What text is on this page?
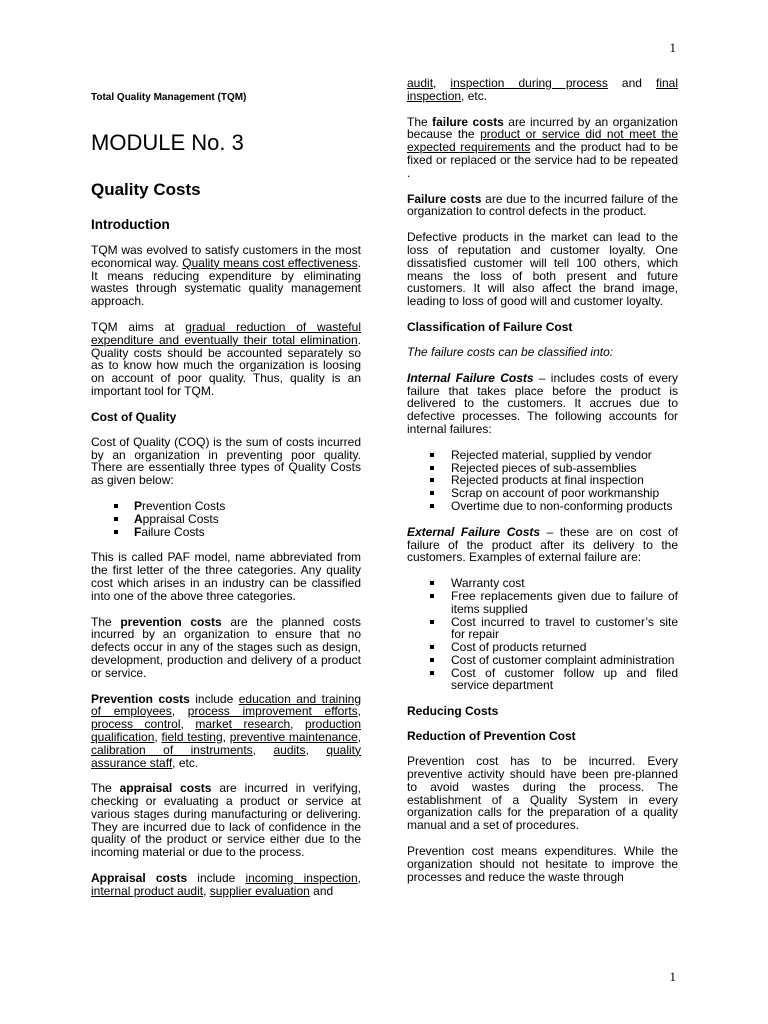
1
Total Quality Management (TQM)
MODULE No. 3
Quality Costs
Introduction

TQM was evolved to satisfy customers in the most economical way. Quality means cost effectiveness. It means reducing expenditure by eliminating wastes through systematic quality management approach.

TQM aims at gradual reduction of wasteful expenditure and eventually their total elimination. Quality costs should be accounted separately so as to know how much the organization is loosing on account of poor quality. Thus, quality is an important tool for TQM.

Cost of Quality

Cost of Quality (COQ) is the sum of costs incurred by an organization in preventing poor quality. There are essentially three types of Quality Costs as given below:

Prevention Costs
Appraisal Costs
Failure Costs

This is called PAF model, name abbreviated from the first letter of the three categories. Any quality cost which arises in an industry can be classified into one of the above three categories.

The prevention costs are the planned costs incurred by an organization to ensure that no defects occur in any of the stages such as design, development, production and delivery of a product or service.

Prevention costs include education and training of employees, process improvement efforts, process control, market research, production qualification, field testing, preventive maintenance, calibration of instruments, audits, quality assurance staff, etc.

The appraisal costs are incurred in verifying, checking or evaluating a product or service at various stages during manufacturing or delivering. They are incurred due to lack of confidence in the quality of the product or service either due to the incoming material or due to the process.

Appraisal costs include incoming inspection, internal product audit, supplier evaluation and

audit, inspection during process and final inspection, etc.

The failure costs are incurred by an organization because the product or service did not meet the expected requirements and the product had to be fixed or replaced or the service had to be repeated .

Failure costs are due to the incurred failure of the organization to control defects in the product.

Defective products in the market can lead to the loss of reputation and customer loyalty. One dissatisfied customer will tell 100 others, which means the loss of both present and future customers. It will also affect the brand image, leading to loss of good will and customer loyalty.

Classification of Failure Cost

The failure costs can be classified into:

Internal Failure Costs – includes costs of every failure that takes place before the product is delivered to the customers. It accrues due to defective processes. The following accounts for internal failures:

Rejected material, supplied by vendor
Rejected pieces of sub-assemblies
Rejected products at final inspection
Scrap on account of poor workmanship
Overtime due to non-conforming products

External Failure Costs – these are on cost of failure of the product after its delivery to the customers. Examples of external failure are:

Warranty cost
Free replacements given due to failure of items supplied
Cost incurred to travel to customer’s site for repair
Cost of products returned
Cost of customer complaint administration
Cost of customer follow up and filed service department
Reducing Costs
Reduction of Prevention Cost

Prevention cost has to be incurred. Every preventive activity should have been pre-planned to avoid wastes during the process. The establishment of a Quality System in every organization calls for the preparation of a quality manual and a set of procedures.

Prevention cost means expenditures. While the organization should not hesitate to improve the processes and reduce the waste through

1
